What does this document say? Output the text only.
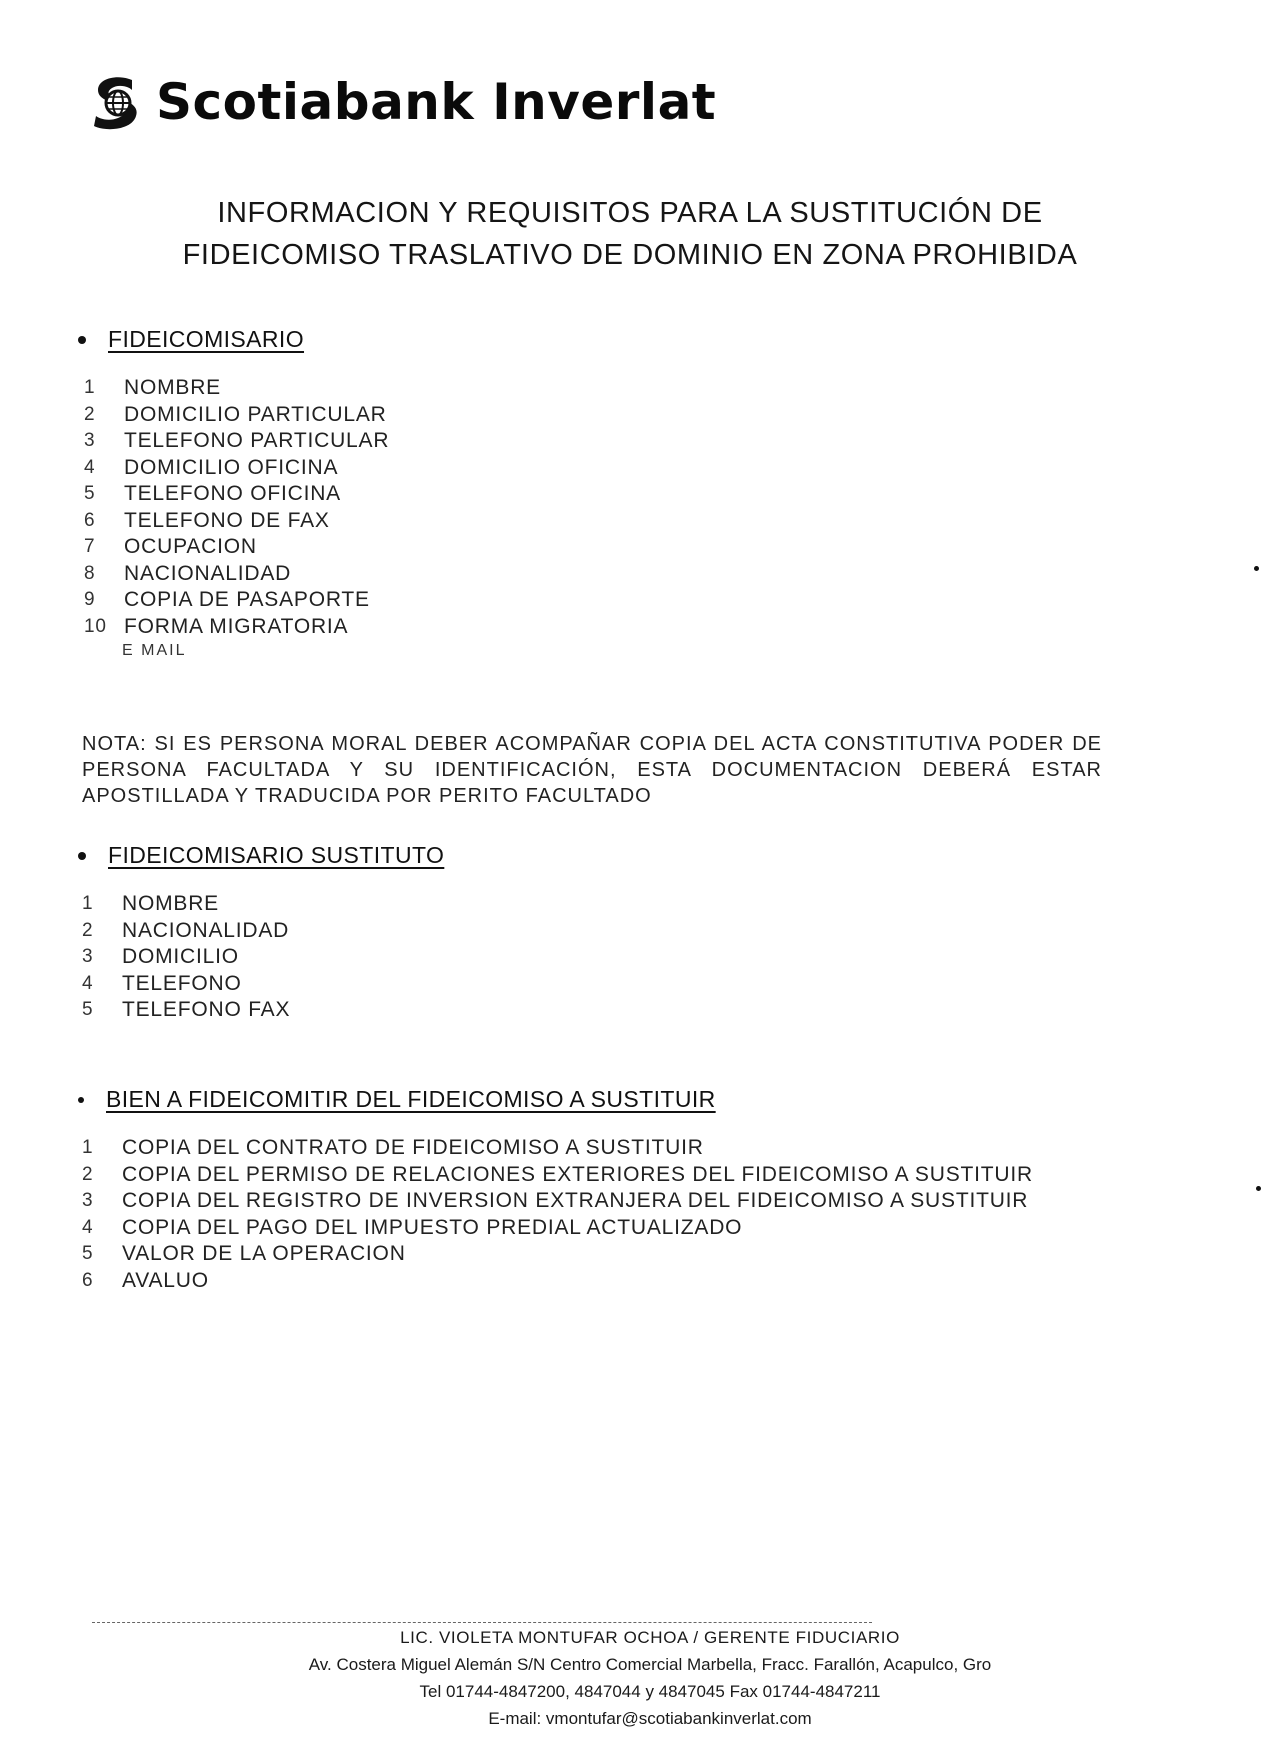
Scotiabank Inverlat
INFORMACION Y REQUISITOS PARA LA SUSTITUCIÓN DE
FIDEICOMISO TRASLATIVO DE DOMINIO EN ZONA PROHIBIDA
FIDEICOMISARIO
1	NOMBRE
2	DOMICILIO PARTICULAR
3	TELEFONO PARTICULAR
4	DOMICILIO OFICINA
5	TELEFONO OFICINA
6	TELEFONO DE FAX
7	OCUPACION
8	NACIONALIDAD
9	COPIA DE PASAPORTE
10 FORMA MIGRATORIA
E MAIL
NOTA: SI ES PERSONA MORAL DEBER ACOMPAÑAR COPIA DEL ACTA CONSTITUTIVA PODER DE PERSONA FACULTADA Y SU IDENTIFICACIÓN, ESTA DOCUMENTACION DEBERÁ ESTAR APOSTILLADA Y TRADUCIDA POR PERITO FACULTADO
FIDEICOMISARIO SUSTITUTO
1	NOMBRE
2	NACIONALIDAD
3	DOMICILIO
4	TELEFONO
5	TELEFONO FAX
BIEN A FIDEICOMITIR DEL FIDEICOMISO A SUSTITUIR
1	COPIA DEL CONTRATO DE FIDEICOMISO A SUSTITUIR
2	COPIA DEL PERMISO DE RELACIONES EXTERIORES DEL FIDEICOMISO A SUSTITUIR
3	COPIA DEL REGISTRO DE INVERSION EXTRANJERA DEL FIDEICOMISO A SUSTITUIR
4	COPIA DEL PAGO DEL IMPUESTO PREDIAL ACTUALIZADO
5	VALOR DE LA OPERACION
6	AVALUO
LIC. VIOLETA MONTUFAR OCHOA / GERENTE FIDUCIARIO
Av. Costera Miguel Alemán S/N Centro Comercial Marbella, Fracc. Farallón, Acapulco, Gro
Tel 01744-4847200, 4847044 y 4847045 Fax 01744-4847211
E-mail: vmontufar@scotiabankinverlat.com
